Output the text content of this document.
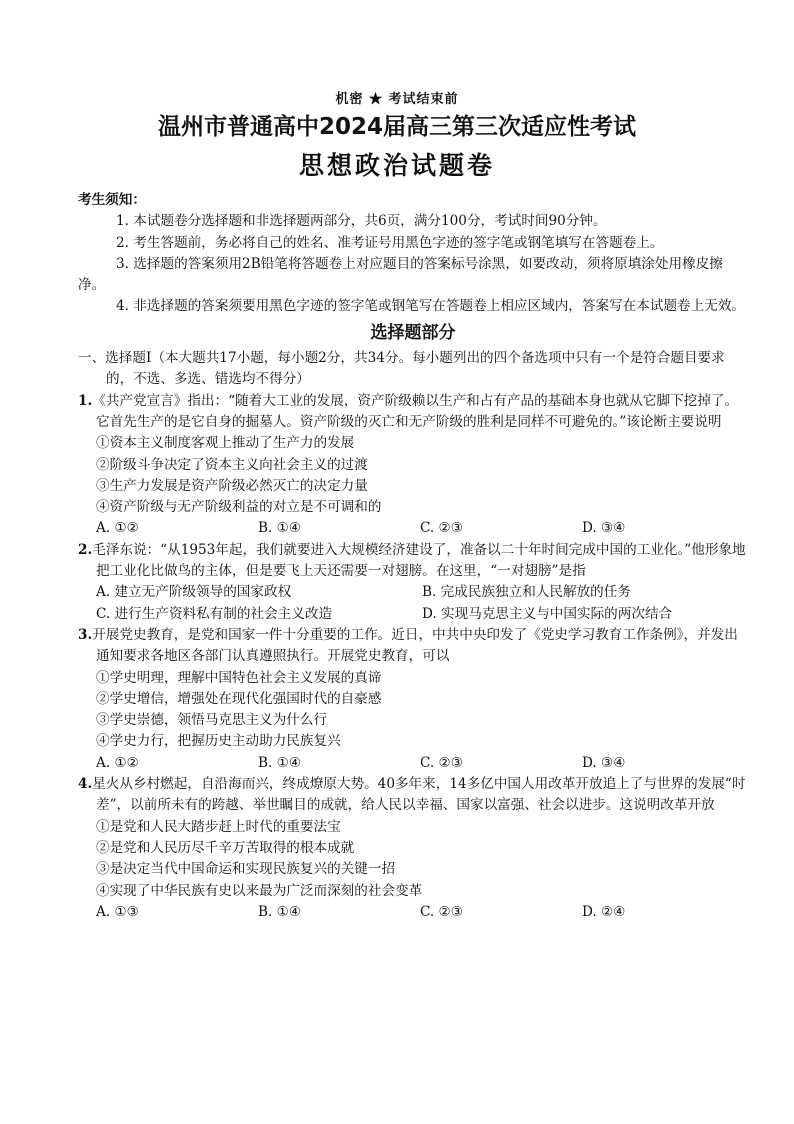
机密 ★ 考试结束前
温州市普通高中2024届高三第三次适应性考试
思想政治试题卷
考生须知：

1. 本试题卷分选择题和非选择题两部分，共6页，满分100分，考试时间90分钟。

2. 考生答题前，务必将自己的姓名、准考证号用黑色字迹的签字笔或钢笔填写在答题卷上。

3. 选择题的答案须用2B铅笔将答题卷上对应题目的答案标号涂黑，如要改动，须将原填涂处用橡皮擦净。

4. 非选择题的答案须要用黑色字迹的签字笔或钢笔写在答题卷上相应区域内，答案写在本试题卷上无效。

选择题部分

一、选择题Ⅰ（本大题共17小题，每小题2分，共34分。每小题列出的四个备选项中只有一个是符合题目要求的，不选、多选、错选均不得分）

1.《共产党宣言》指出：“随着大工业的发展，资产阶级赖以生产和占有产品的基础本身也就从它脚下挖掉了。它首先生产的是它自身的掘墓人。资产阶级的灭亡和无产阶级的胜利是同样不可避免的。”该论断主要说明

①资本主义制度客观上推动了生产力的发展

②阶级斗争决定了资本主义向社会主义的过渡

③生产力发展是资产阶级必然灭亡的决定力量

④资产阶级与无产阶级利益的对立是不可调和的

A. ①②	B. ①④	C. ②③	D. ③④

2.毛泽东说：“从1953年起，我们就要进入大规模经济建设了，准备以二十年时间完成中国的工业化。”他形象地把工业化比做鸟的主体，但是要飞上天还需要一对翅膀。在这里，“一对翅膀”是指

A. 建立无产阶级领导的国家政权	B. 完成民族独立和人民解放的任务
C. 进行生产资料私有制的社会主义改造	D. 实现马克思主义与中国实际的两次结合

3.开展党史教育，是党和国家一件十分重要的工作。近日，中共中央印发了《党史学习教育工作条例》，并发出通知要求各地区各部门认真遵照执行。开展党史教育，可以

①学史明理，理解中国特色社会主义发展的真谛

②学史增信，增强处在现代化强国时代的自豪感

③学史崇德，领悟马克思主义为什么行

④学史力行，把握历史主动助力民族复兴

A. ①②	B. ①④	C. ②③	D. ③④

4.星火从乡村燃起，自沿海而兴，终成燎原大势。40多年来，14多亿中国人用改革开放追上了与世界的发展“时差”，以前所未有的跨越、举世瞩目的成就，给人民以幸福、国家以富强、社会以进步。这说明改革开放

①是党和人民大踏步赶上时代的重要法宝

②是党和人民历尽千辛万苦取得的根本成就

③是决定当代中国命运和实现民族复兴的关键一招

④实现了中华民族有史以来最为广泛而深刻的社会变革

A. ①③	B. ①④	C. ②③	D. ②④
